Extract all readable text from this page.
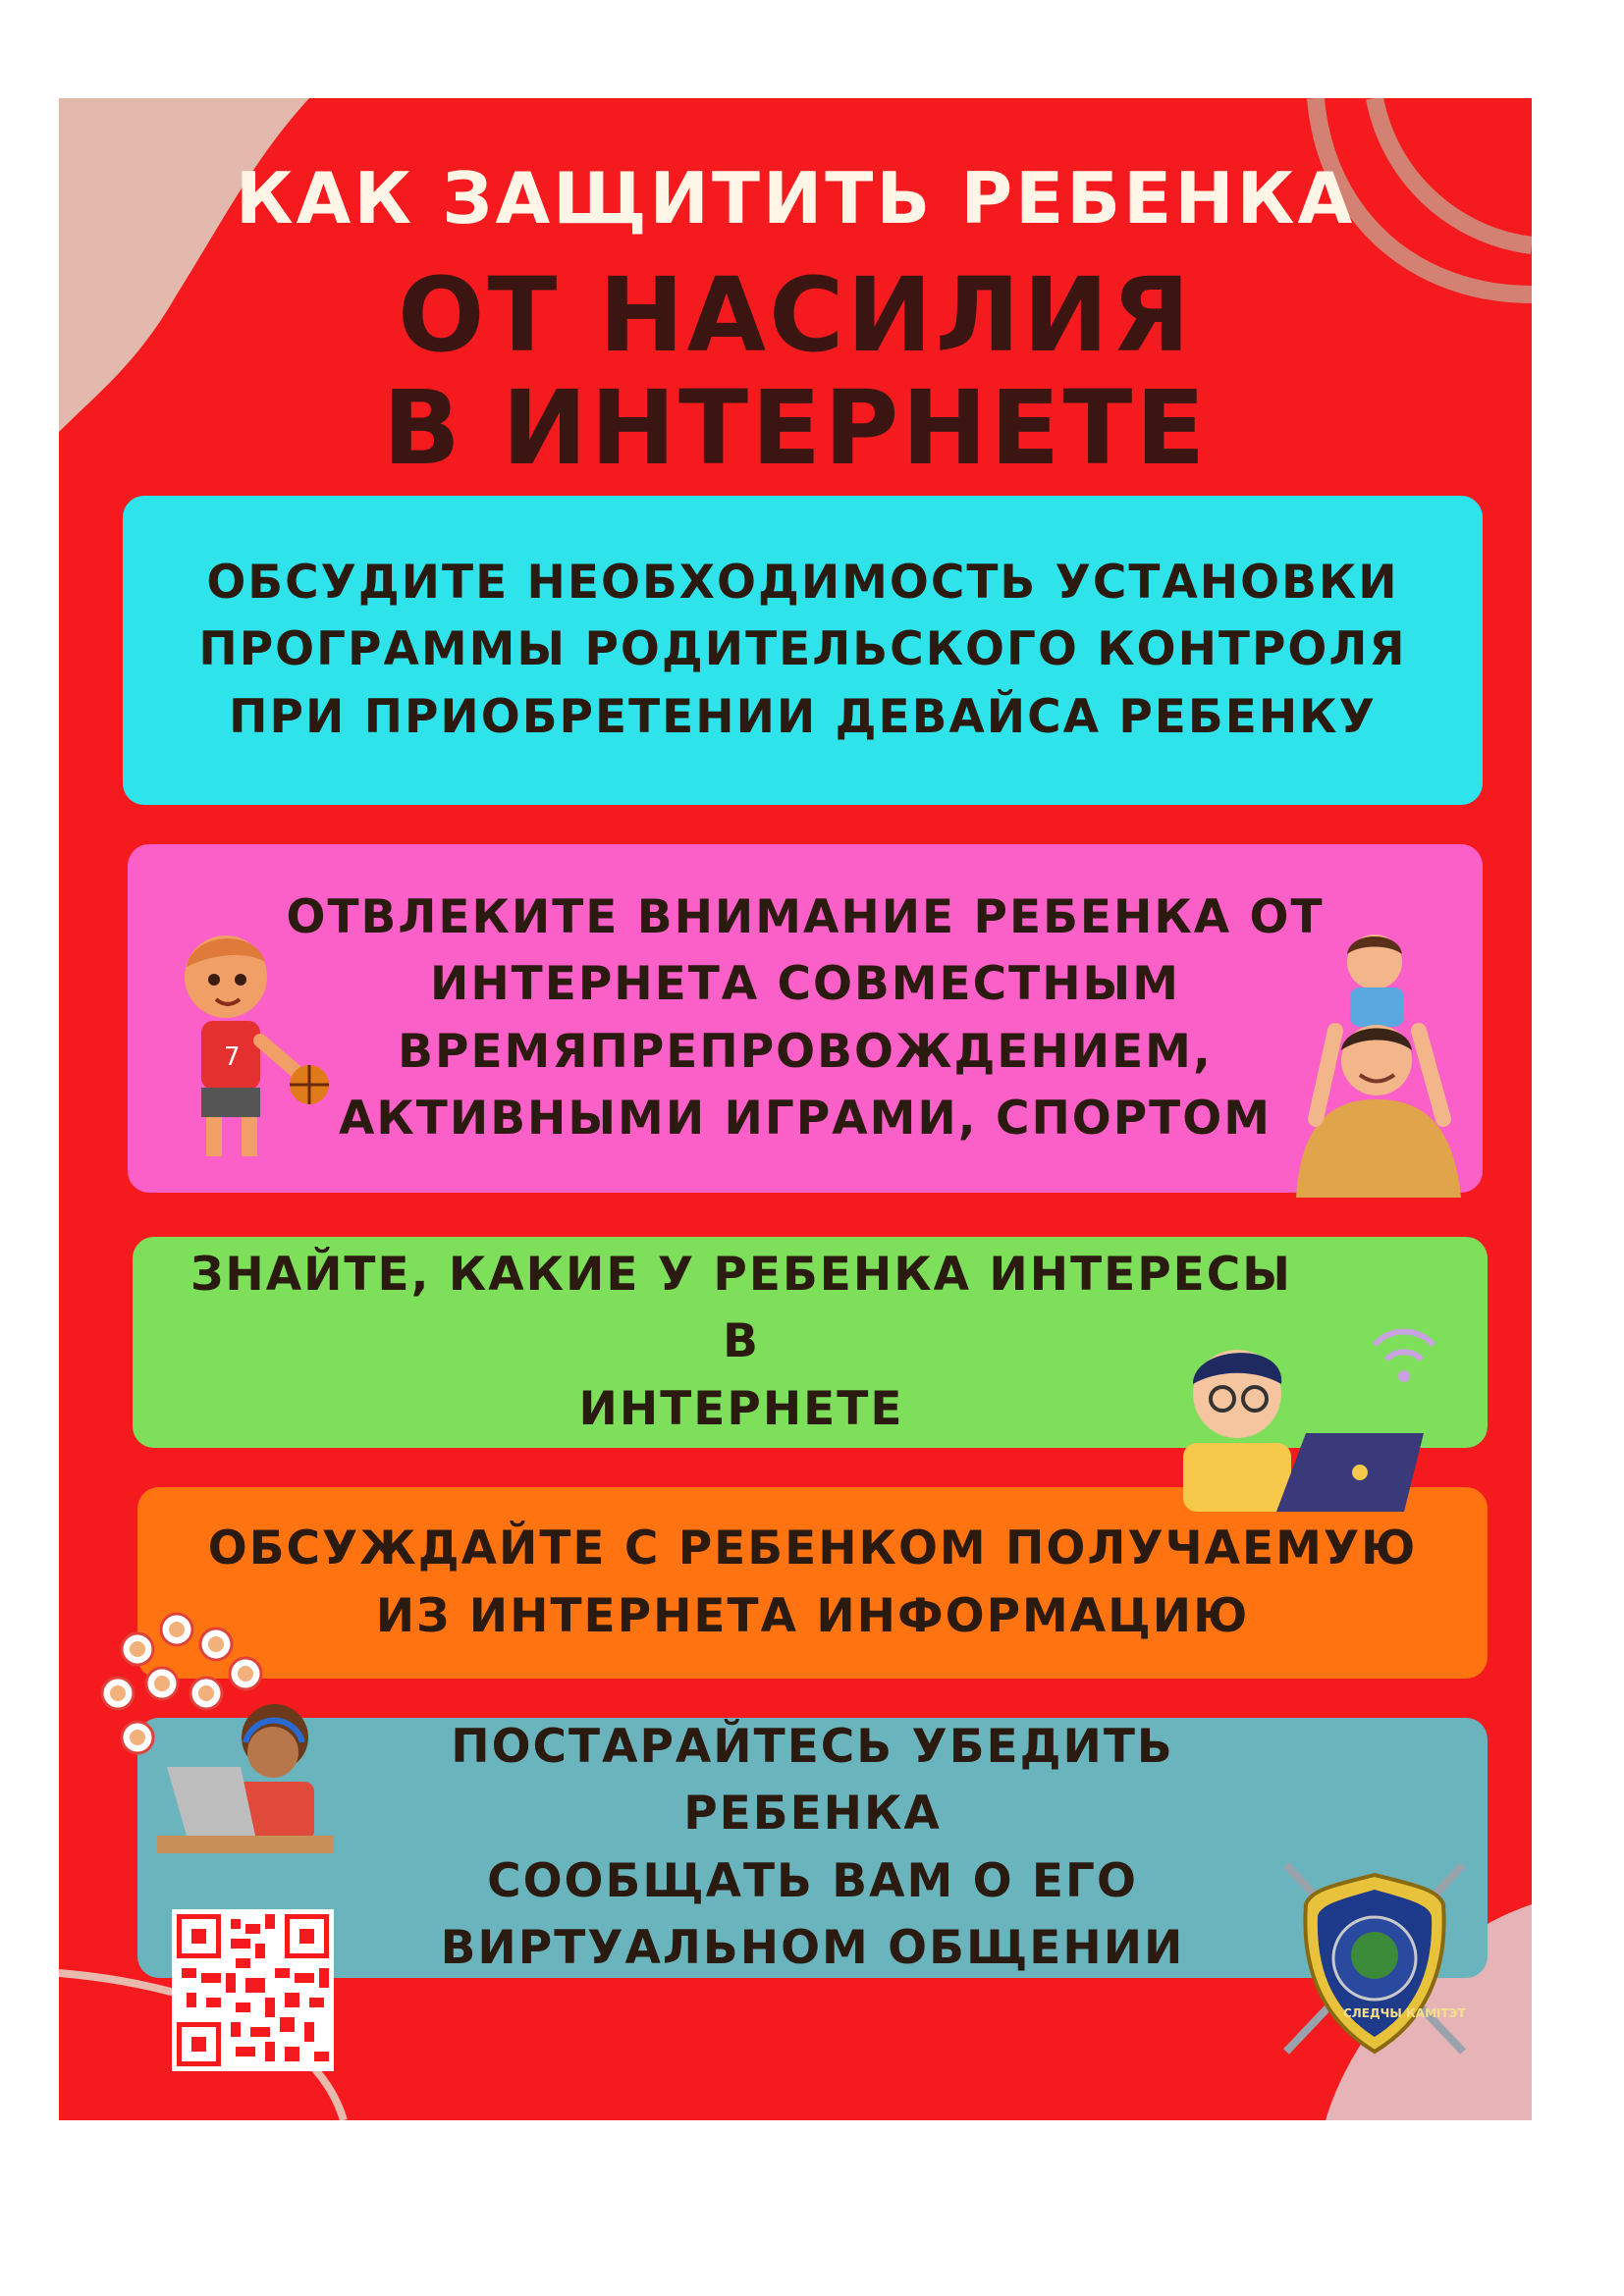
КАК ЗАЩИТИТЬ РЕБЕНКА
ОТ НАСИЛИЯ
В ИНТЕРНЕТЕ
ОБСУДИТЕ НЕОБХОДИМОСТЬ УСТАНОВКИ
ПРОГРАММЫ РОДИТЕЛЬСКОГО КОНТРОЛЯ
ПРИ ПРИОБРЕТЕНИИ ДЕВАЙСА РЕБЕНКУ
ОТВЛЕКИТЕ ВНИМАНИЕ РЕБЕНКА ОТ
ИНТЕРНЕТА СОВМЕСТНЫМ
ВРЕМЯПРЕПРОВОЖДЕНИЕМ,
АКТИВНЫМИ ИГРАМИ, СПОРТОМ
ЗНАЙТЕ, КАКИЕ У РЕБЕНКА ИНТЕРЕСЫ В
ИНТЕРНЕТЕ
ОБСУЖДАЙТЕ С РЕБЕНКОМ ПОЛУЧАЕМУЮ
ИЗ ИНТЕРНЕТА ИНФОРМАЦИЮ
ПОСТАРАЙТЕСЬ УБЕДИТЬ РЕБЕНКА
СООБЩАТЬ ВАМ О ЕГО
ВИРТУАЛЬНОМ ОБЩЕНИИ
7
СЛЕДЧЫ КАМІТЭТ
